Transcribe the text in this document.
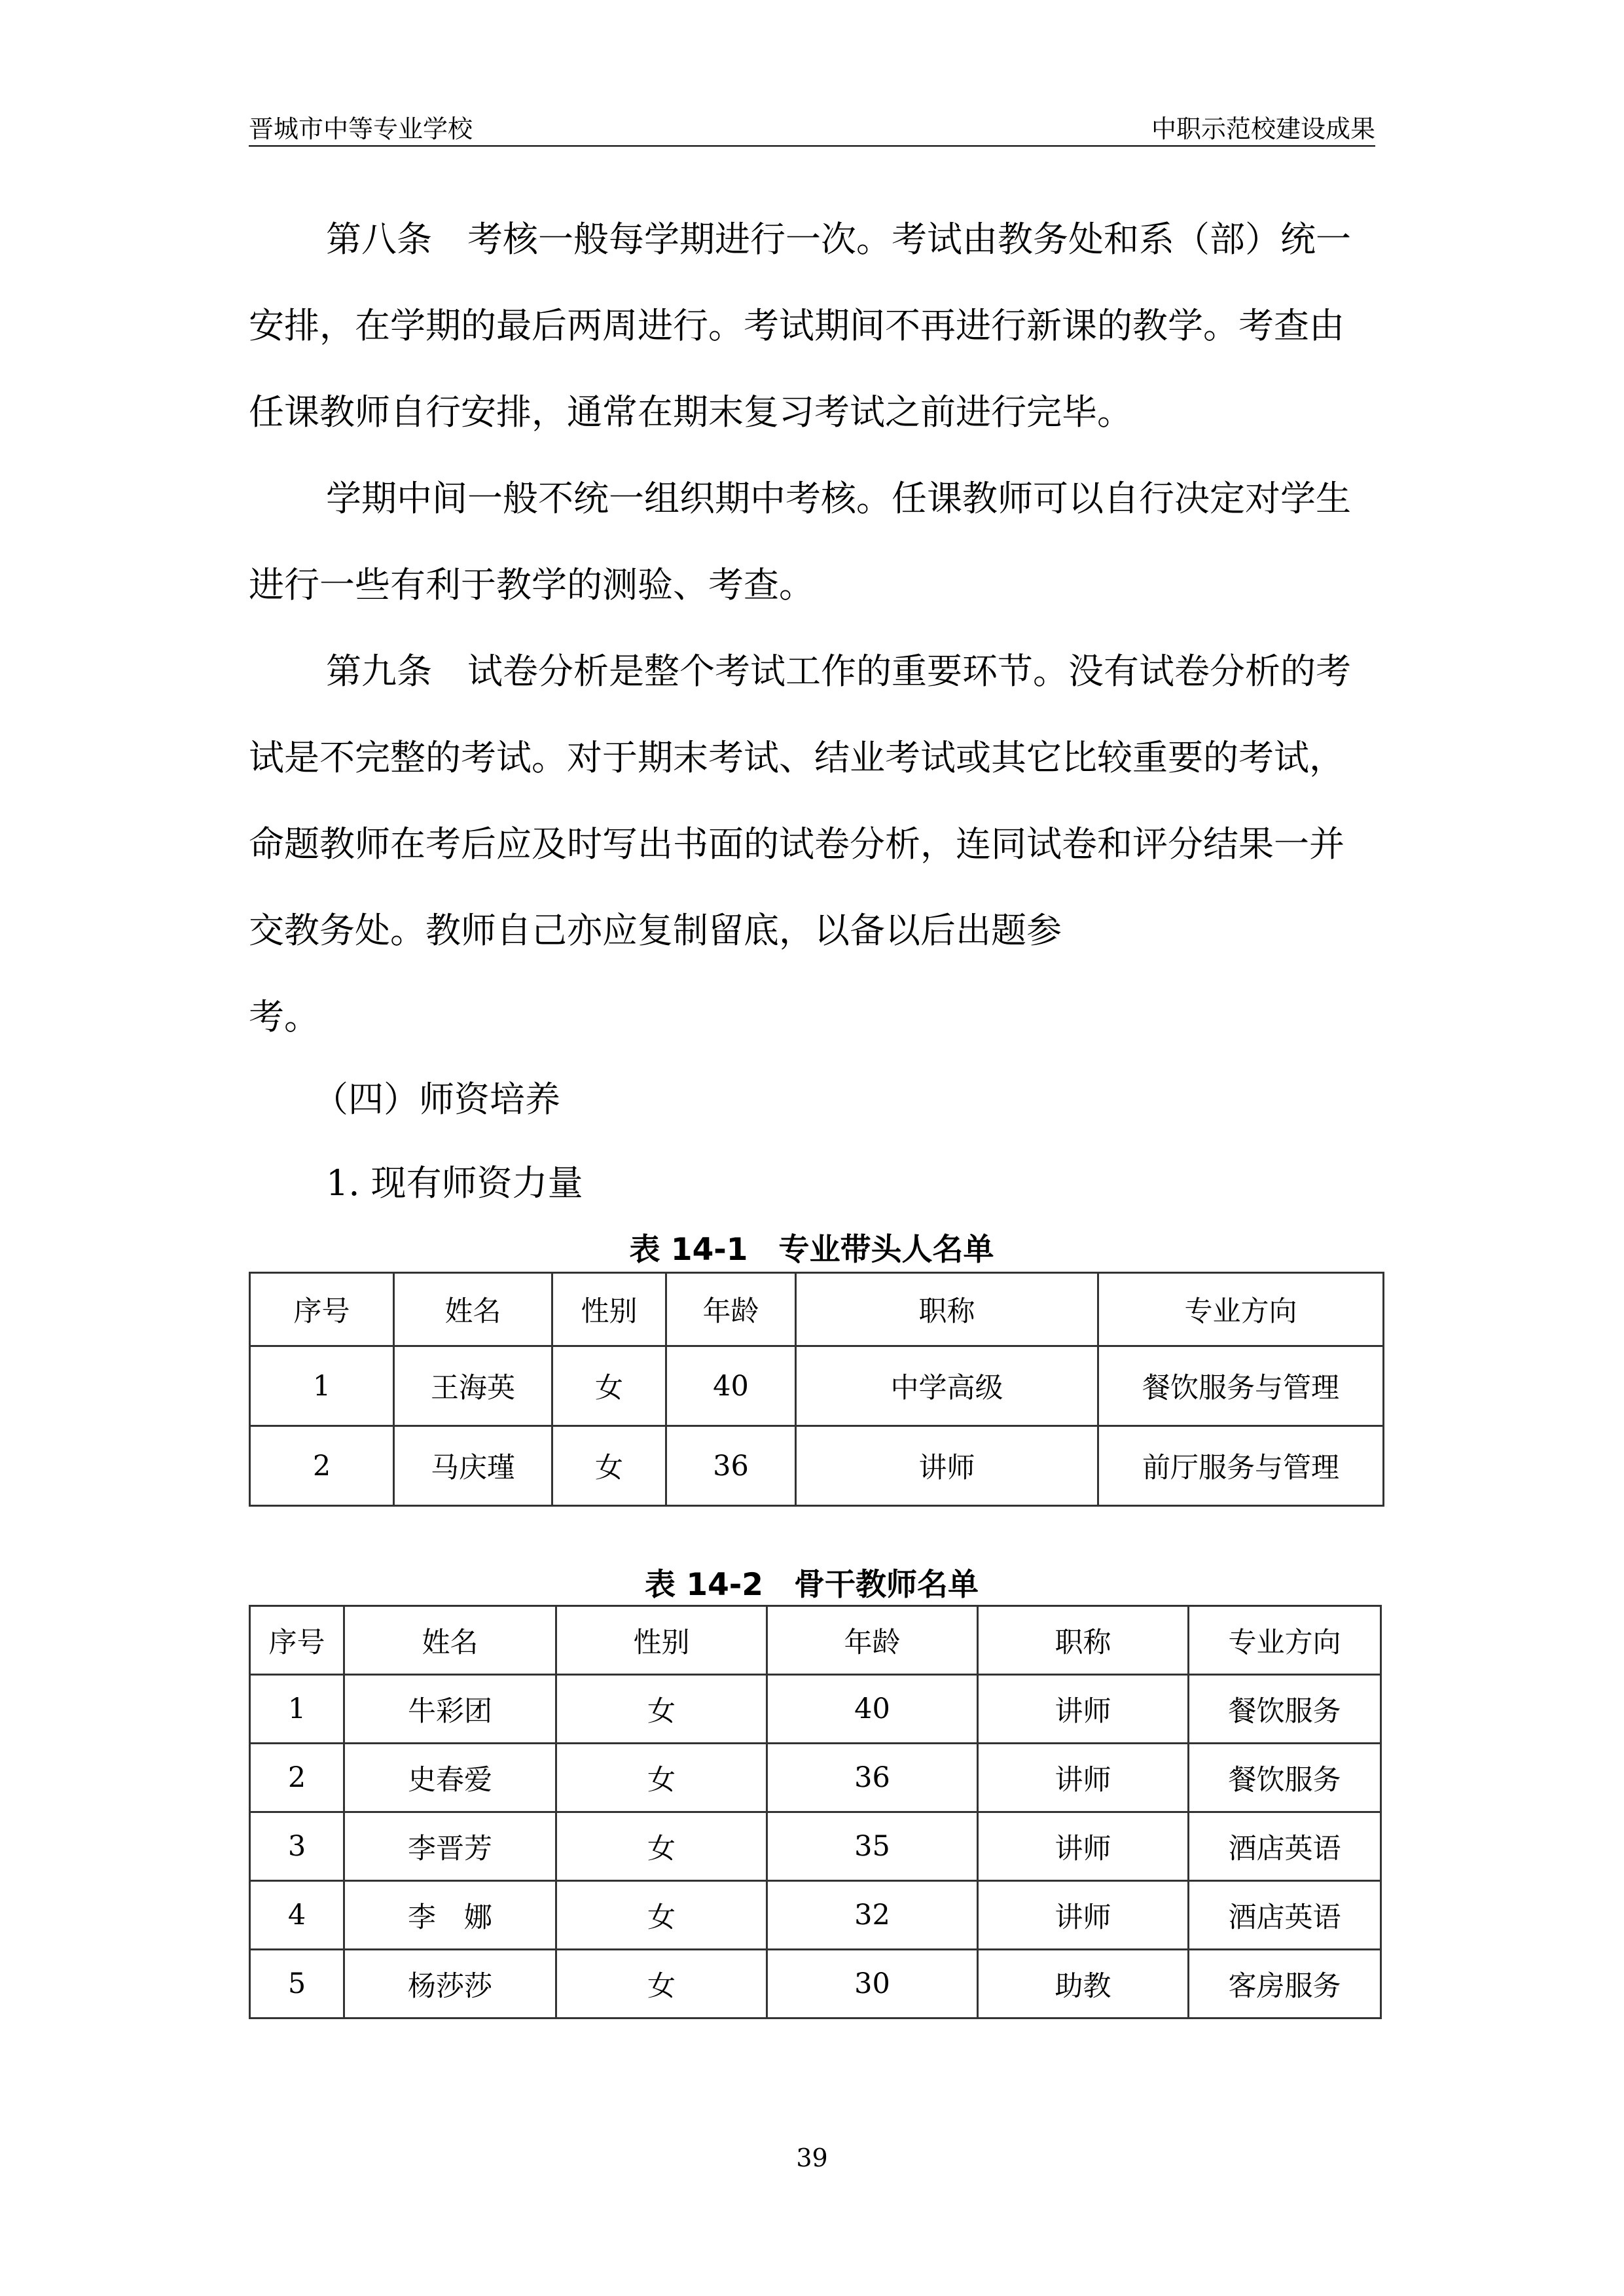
晋城市中等专业学校	中职示范校建设成果

第八条　考核一般每学期进行一次。考试由教务处和系（部）统一安排，在学期的最后两周进行。考试期间不再进行新课的教学。考查由任课教师自行安排，通常在期末复习考试之前进行完毕。

学期中间一般不统一组织期中考核。任课教师可以自行决定对学生进行一些有利于教学的测验、考查。

第九条　试卷分析是整个考试工作的重要环节。没有试卷分析的考试是不完整的考试。对于期末考试、结业考试或其它比较重要的考试，命题教师在考后应及时写出书面的试卷分析，连同试卷和评分结果一并交教务处。教师自己亦应复制留底，以备以后出题参

考。

（四）师资培养
1. 现有师资力量
表 14-1　专业带头人名单
序号	姓名	性别	年龄	职称	专业方向
1	王海英	女	40	中学高级	餐饮服务与管理
2	马庆瑾	女	36	讲师	前厅服务与管理
表 14-2　骨干教师名单
序号	姓名	性别	年龄	职称	专业方向
1	牛彩团	女	40	讲师	餐饮服务
2	史春爱	女	36	讲师	餐饮服务
3	李晋芳	女	35	讲师	酒店英语
4	李　娜	女	32	讲师	酒店英语
5	杨莎莎	女	30	助教	客房服务
39
